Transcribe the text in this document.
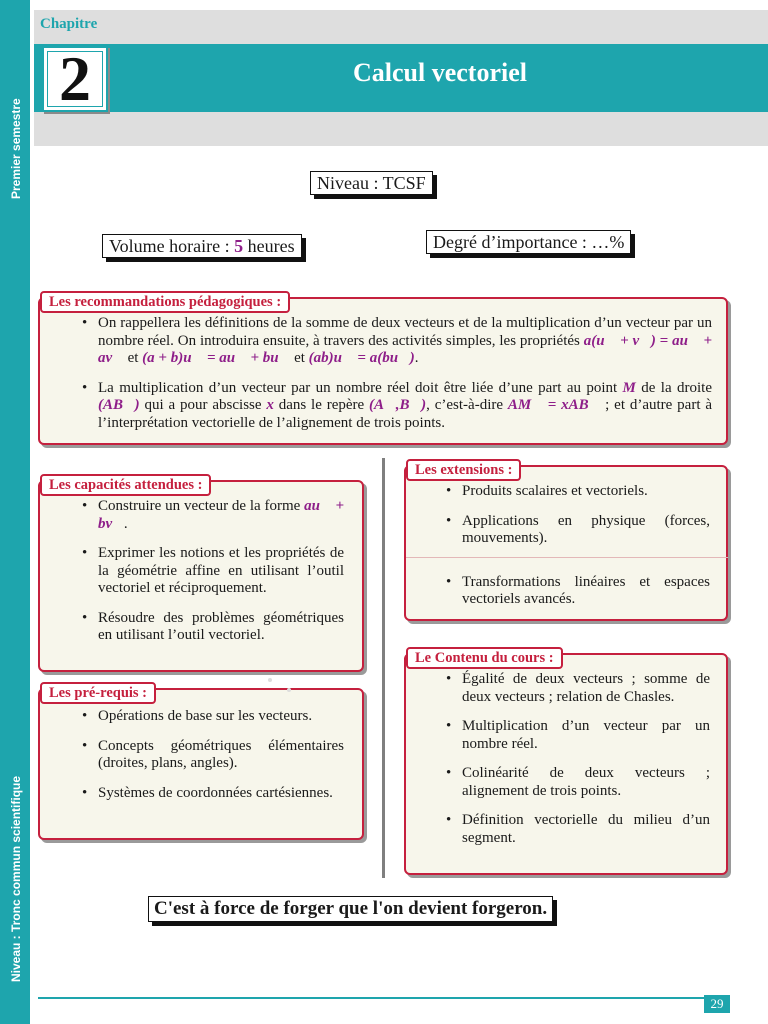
Premier semestre
Niveau : Tronc commun scientifique
Chapitre
2	Calcul vectoriel
Niveau : TCSF
Volume horaire : 5 heures	Degré d’importance : …%
• On rappellera les définitions de la somme de deux vecteurs et de la multiplication d’un vecteur par un nombre réel. On introduira ensuite, à travers des activités simples, les propriétés a(u⃗ + v⃗) = au⃗ + av⃗ et (a + b)u⃗ = au⃗ + bu⃗ et (ab)u⃗ = a(bu⃗).
• La multiplication d’un vecteur par un nombre réel doit être liée d’une part au point M de la droite (AB⃗) qui a pour abscisse x dans le repère (A⃗,B⃗), c’est-à-dire AM⃗ = xAB⃗ ; et d’autre part à l’interprétation vectorielle de l’alignement de trois points.
Les recommandations pédagogiques :
• Construire un vecteur de la forme au⃗ + bv⃗.
• Exprimer les notions et les propriétés de la géométrie affine en utilisant l’outil vectoriel et réciproquement.
• Résoudre des problèmes géométriques en utilisant l’outil vectoriel.
Les capacités attendues :
• Opérations de base sur les vecteurs.
• Concepts géométriques élémentaires (droites, plans, angles).
• Systèmes de coordonnées cartésiennes.
Les pré-requis :
• Produits scalaires et vectoriels.
• Applications en physique (forces, mouvements).
• Transformations linéaires et espaces vectoriels avancés.
Les extensions :
• Égalité de deux vecteurs ; somme de deux vecteurs ; relation de Chasles.
• Multiplication d’un vecteur par un nombre réel.
• Colinéarité de deux vecteurs ; alignement de trois points.
• Définition vectorielle du milieu d’un segment.
Le Contenu du cours :
C'est à force de forger que l'on devient forgeron.
29
